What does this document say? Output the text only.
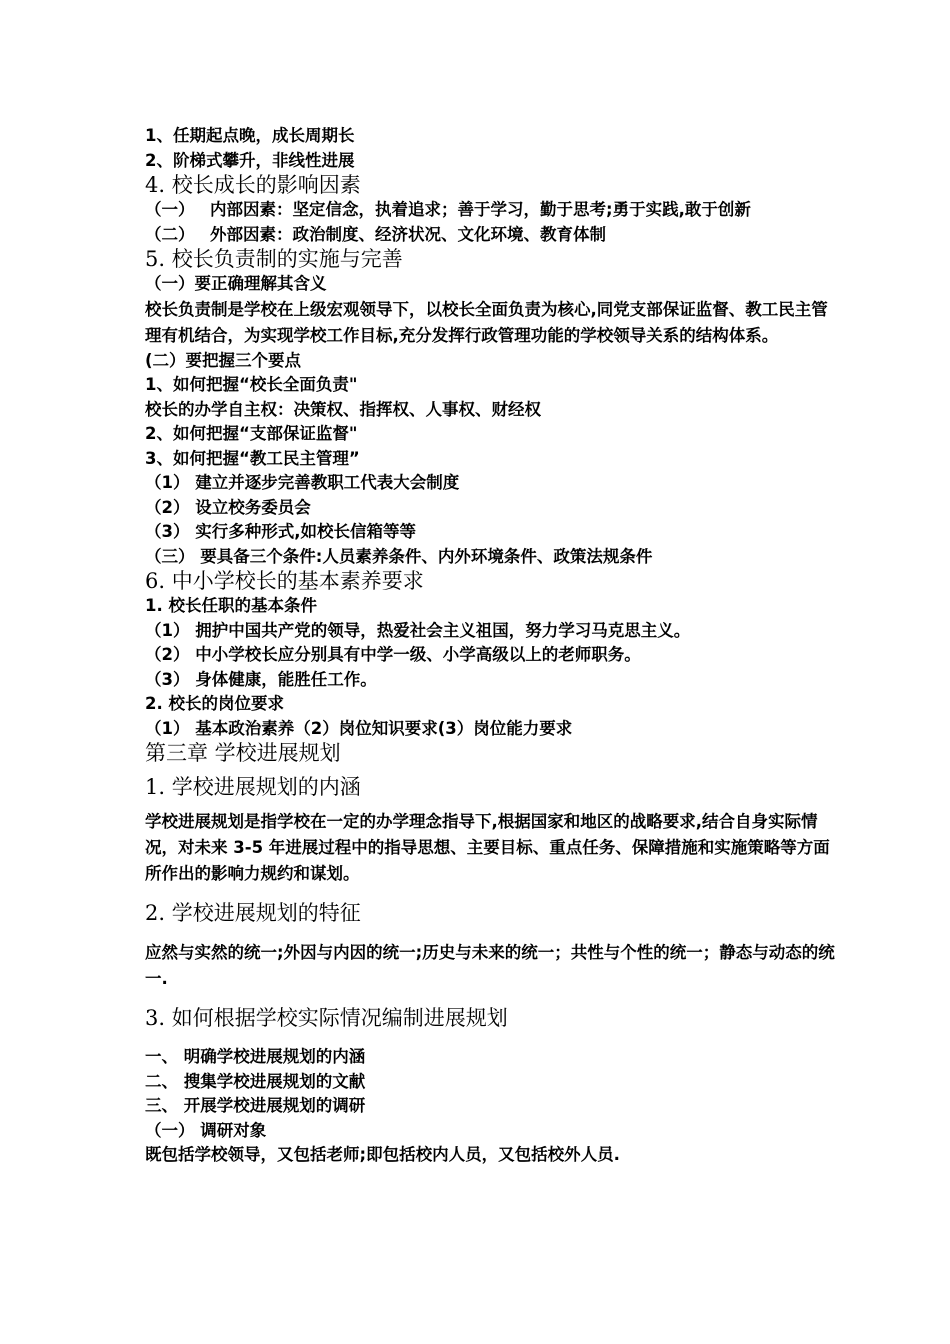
1、任期起点晚，成长周期长
2、阶梯式攀升，非线性进展
4. 校长成长的影响因素
（一） 内部因素：坚定信念，执着追求；善于学习，勤于思考;勇于实践,敢于创新
（二） 外部因素：政治制度、经济状况、文化环境、教育体制
5. 校长负责制的实施与完善
（一）要正确理解其含义
校长负责制是学校在上级宏观领导下，以校长全面负责为核心,同党支部保证监督、教工民主管理有机结合，为实现学校工作目标,充分发挥行政管理功能的学校领导关系的结构体系。
(二）要把握三个要点
1、如何把握“校长全面负责"
校长的办学自主权：决策权、指挥权、人事权、财经权
2、如何把握“支部保证监督"
3、如何把握“教工民主管理”
（1） 建立并逐步完善教职工代表大会制度
（2） 设立校务委员会
（3） 实行多种形式,如校长信箱等等
（三） 要具备三个条件:人员素养条件、内外环境条件、政策法规条件
6. 中小学校长的基本素养要求
1. 校长任职的基本条件
（1） 拥护中国共产党的领导，热爱社会主义祖国，努力学习马克思主义。
（2） 中小学校长应分别具有中学一级、小学高级以上的老师职务。
（3） 身体健康，能胜任工作。
2. 校长的岗位要求
（1） 基本政治素养（2）岗位知识要求(3）岗位能力要求
第三章 学校进展规划
1. 学校进展规划的内涵
学校进展规划是指学校在一定的办学理念指导下,根据国家和地区的战略要求,结合自身实际情况，对未来 3-5 年进展过程中的指导思想、主要目标、重点任务、保障措施和实施策略等方面所作出的影响力规约和谋划。
2. 学校进展规划的特征
应然与实然的统一;外因与内因的统一;历史与未来的统一；共性与个性的统一；静态与动态的统一.
3. 如何根据学校实际情况编制进展规划
一、 明确学校进展规划的内涵
二、 搜集学校进展规划的文献
三、 开展学校进展规划的调研
（一） 调研对象
既包括学校领导，又包括老师;即包括校内人员，又包括校外人员.
